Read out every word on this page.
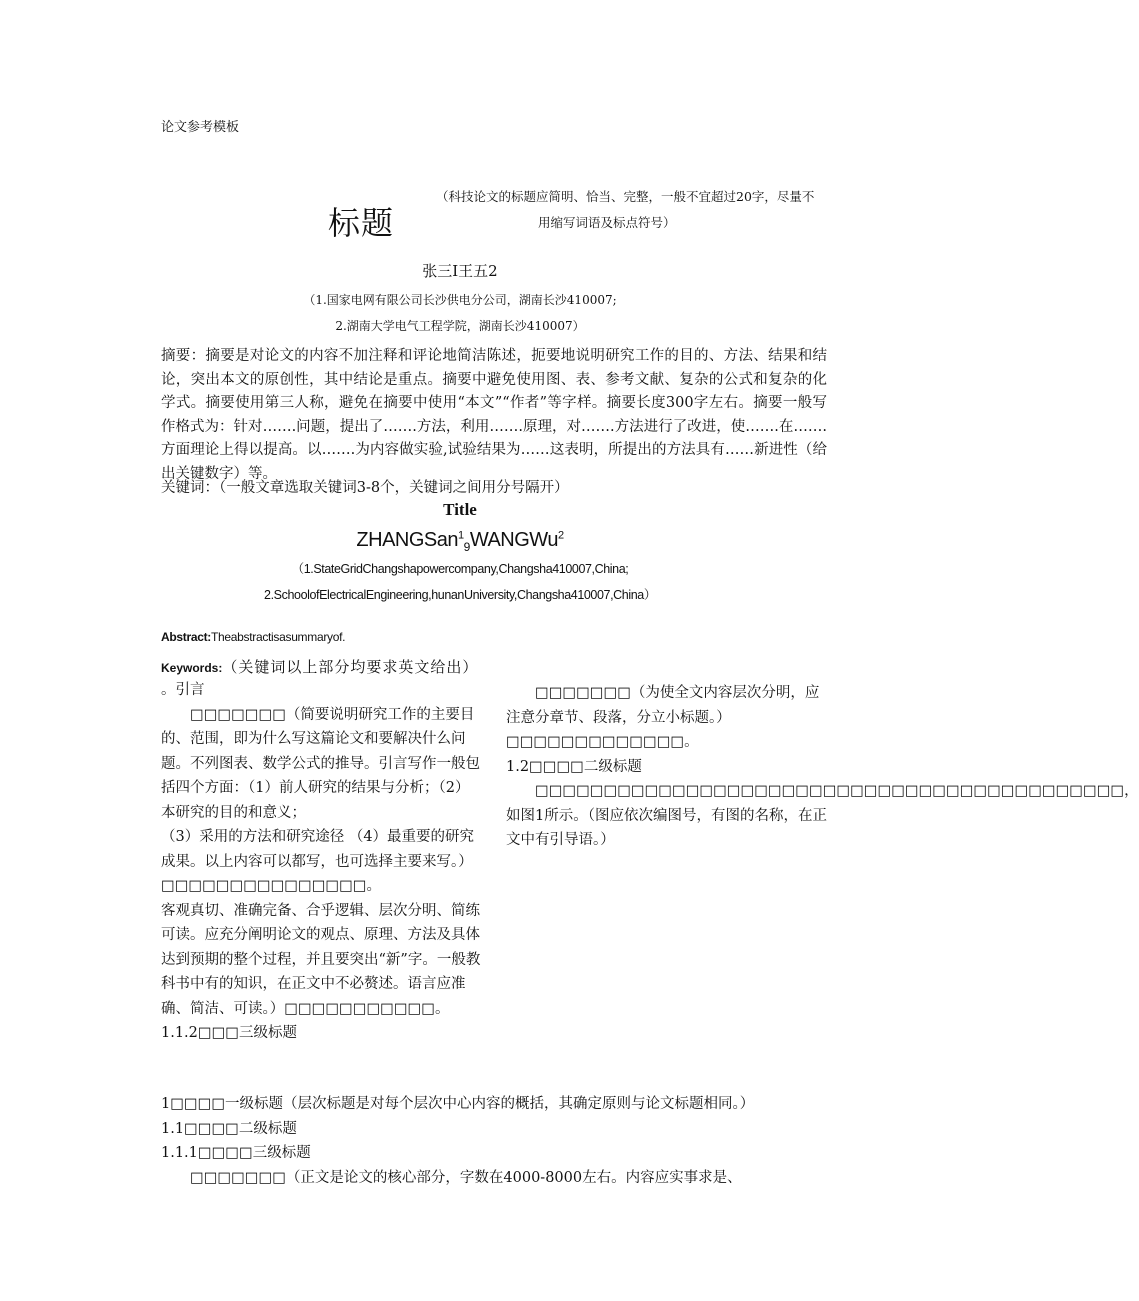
论文参考模板
标题
（科技论文的标题应简明、恰当、完整，一般不宜超过20字，尽量不
用缩写词语及标点符号）
张三I王五2
（1.国家电网有限公司长沙供电分公司，湖南长沙410007;
2.湖南大学电气工程学院，湖南长沙410007）

摘要：摘要是对论文的内容不加注释和评论地简洁陈述，扼要地说明研究工作的目的、方法、结果和结论，突出本文的原创性，其中结论是重点。摘要中避免使用图、表、参考文献、复杂的公式和复杂的化学式。摘要使用第三人称，避免在摘要中使用“本文”“作者”等字样。摘要长度300字左右。摘要一般写作格式为：针对…….问题，提出了…….方法，利用…….原理，对…….方法进行了改进，使…….在…….方面理论上得以提高。以…….为内容做实验,试验结果为……这表明，所提出的方法具有……新进性（给出关键数字）等。

关键词：（一般文章选取关键词3-8个，关键词之间用分号隔开）
Title
ZHANGSan$^1_9$WANGWu$^2$
（1.StateGridChangshapowercompany,Changsha410007,China;
2.SchoolofElectricalEngineering,hunanUniversity,Changsha410007,China）
Abstract:Theabstractisasummaryof.
Keywords:（关键词以上部分均要求英文给出）

。引言

□□□□□□□（简要说明研究工作的主要目的、范围，即为什么写这篇论文和要解决什么问题。不列图表、数学公式的推导。引言写作一般包括四个方面：（1）前人研究的结果与分析；（2）本研究的目的和意义；

（3）采用的方法和研究途径 （4）最重要的研究成果。以上内容可以都写，也可选择主要来写。）□□□□□□□□□□□□□□□。

客观真切、准确完备、合乎逻辑、层次分明、简练可读。应充分阐明论文的观点、原理、方法及具体达到预期的整个过程，并且要突出“新”字。一般教科书中有的知识，在正文中不必赘述。语言应准确、简洁、可读。）□□□□□□□□□□□。

1.1.2□□□三级标题

□□□□□□□（为使全文内容层次分明，应注意分章节、段落，分立小标题。）□□□□□□□□□□□□□。

1.2□□□□二级标题

□□□□□□□□□□□□□□□□□□□□□□□□□□□□□□□□□□□□□□□□□□□，如图1所示。（图应依次编图号，有图的名称，在正文中有引导语。）

1□□□□一级标题（层次标题是对每个层次中心内容的概括，其确定原则与论文标题相同。）

1.1□□□□二级标题

1.1.1□□□□三级标题

□□□□□□□（正文是论文的核心部分，字数在4000-8000左右。内容应实事求是、
